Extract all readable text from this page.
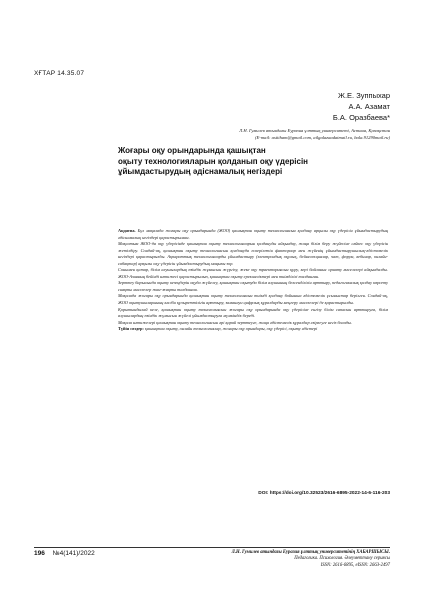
ХҒТАР 14.35.07
Ж.Е. Зуппыхар
А.А. Азамат
Б.А. Оразбаева*
Л.Н. Гумилев атындағы Еуразия ұлттық университеті, Астана, Қазақстан
(E-mail: astitham@gmail.com, ailgalazaadatmail.ru, bala.91290mail.ru)
Жоғары оқу орындарында қашықтан
оқыту технологияларын қолданып оқу үдерісін
ұйымдастырудың әдіснамалық негіздері

Аңдатпа. Бұл мақалада жоғары оқу орындарында (ЖОО) қашықтан оқыту технологиясын қолдану арқылы оқу үдерісін ұйымдастырудың әдіснамалық негіздері қарастырылған.

Мақсатым ЖОО-да оқу үдерісінде қашықтан оқыту технологияларын қолдануды айқындау, жаңа білім беру жүйесіне сәйкес оқу үдерісін жетілдіру. Сондай-ақ, қашықтан оқыту технологиясын қолдануда ескерілетін факторлар мен жүйенің ұйымдастырушылық-әдістемелік негіздері қарастырылды. Ақпараттық технологияларды ұйымдастыру (электрондық оқулық, бейнелекциялар, чат, форум, вебинар, онлайн-сабақтар) арқылы оқу үдерісін ұйымдастырудың маңызы зор.

Сонымен қатар, білім алушылардың өзіндік жұмысын жүргізу, жеке оқу траекториясын құру, кері байланыс орнату мәселелері айқындалды. ЖОО-Азияның бейінді нәтижесі қарастырылып, қашықтан оқыту ерекшеліктері мен тиімділігі талданған.

Зерттеу барысында оқыту кезеңдерін оқуда жүйелеу, қашықтан оқытуда білім алушының белсенділігін арттыру, педагогикалық қолдау көрсету сияқты мәселелер жан-жақты талданған.

Мақалада жоғары оқу орындарында қашықтан оқыту технологиясын тиімді қолдану бойынша әдістемелік ұсыныстар берілген. Сондай-ақ, ЖОО оқытушыларының кәсіби құзыреттілігін арттыру, заманауи цифрлық құралдарды меңгеру мәселелері де қарастырылды.

Қорытындылай келе, қашықтан оқыту технологиясын жоғары оқу орындарында оқу үдерісіне енгізу білім сапасын арттыруға, білім алушылардың өзіндік жұмысын жүйелі ұйымдастыруға мүмкіндік береді.

Мақала нәтижелері қашықтан оқыту технологиясын әрі қарай зерттеуге, жаңа әдістемелік құралдар әзірлеуге негіз болады.

Түйін сөздер: қашықтан оқыту, онлайн технологиялар, жоғары оқу орындары, оқу үдерісі, оқыту әдістері

DOI: https://doi.org/10.32523/2616-6895-2022-14-6-116-203
196 №4(141)/2022	Л.Н. Гумилев атындағы Еуразия ұлттық университетінің ХАБАРШЫСЫ.
Педагогика. Психология. Әлеуметтану сериясы
ISSN: 2616-6895, eISSN: 2663-2497
